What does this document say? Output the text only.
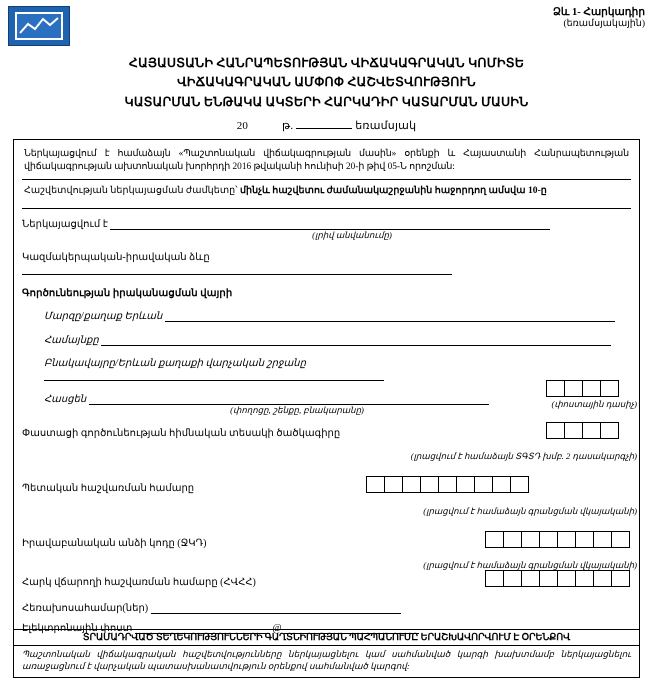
Ձև 1- Հարկադիր
(եռամսյակային)
ՀԱՅԱՍՏԱՆԻ ՀԱՆՐԱՊԵՏՈՒԹՅԱՆ ՎԻՃԱԿԱԳՐԱԿԱՆ ԿՈՄԻՏԵ
ՎԻՃԱԿԱԳՐԱԿԱՆ ԱՄՓՈՓ ՀԱՇՎԵՏՎՈՒԹՅՈՒՆ
ԿԱՏԱՐՄԱՆ ԵՆԹԱԿԱ ԱԿՏԵՐԻ ՀԱՐԿԱԴԻՐ ԿԱՏԱՐՄԱՆ ՄԱՍԻՆ
20	թ.	եռամսյակ
Ներկայացվում է համաձայն «Պաշտոնական վիճակագրության մասին» օրենքի և Հայաստանի Հանրապետության վիճակագրության ախտոնական խորհրդի 2016 թվականի հունիսի 20-ի թիվ 05-Ն որոշման:
Հաշվետվության ներկայացման ժամկետը՝ մինչև հաշվետու ժամանակաշրջանին հաջորդող ամսվա 10-ը
Ներկայացվում է
(լրիվ անվանումը)
Կազմակերպական-իրավական ձևը
Գործունեության իրականացման վայրի
Մարզը/քաղաք Երևան
Համայնքը
Բնակավայրը/Երևան քաղաքի վարչական շրջանը
Հասցեն
(փողոցը, շենքը, բնակարանը)
(փոստային դասիչ)
Փաստացի գործունեության հիմնական տեսակի ծածկագիրը
(լրացվում է համաձայն ՏԳՏԴ խմբ. 2 դասակարգչի)
Պետական հաշվառման համարը
(լրացվում է համաձայն գրանցման վկայականի)
Իրավաբանական անձի կոդը (ՋԿԴ)
(լրացվում է համաձայն գրանցման վկայականի)
Հարկ վճարողի հաշվառման համարը (ՀՎՀՀ)
Հեռախոսահամար(ներ)
Էլեկտրոնային փոստ	@
ՏՐԱՄԱԴՐՎԱԾ ՏԵՂԵԿՈՒԹՅՈՒՆՆԵՐԻ ԳԱՂՏՆԻՈՒԹՅԱՆ ՊԱՀՊԱՆՈՒՄԸ ԵՐԱՇԽԱՎՈՐՎՈՒՄ Է ՕՐԵՆՔՈՎ
Պաշտոնական վիճակագրական հաշվետվությունները ներկայացնելու կամ սահմանված կարգի խախտմամբ ներկայացնելու առաջացնում է վարչական պատասխանատվություն օրենքով սահմանված կարգով:
